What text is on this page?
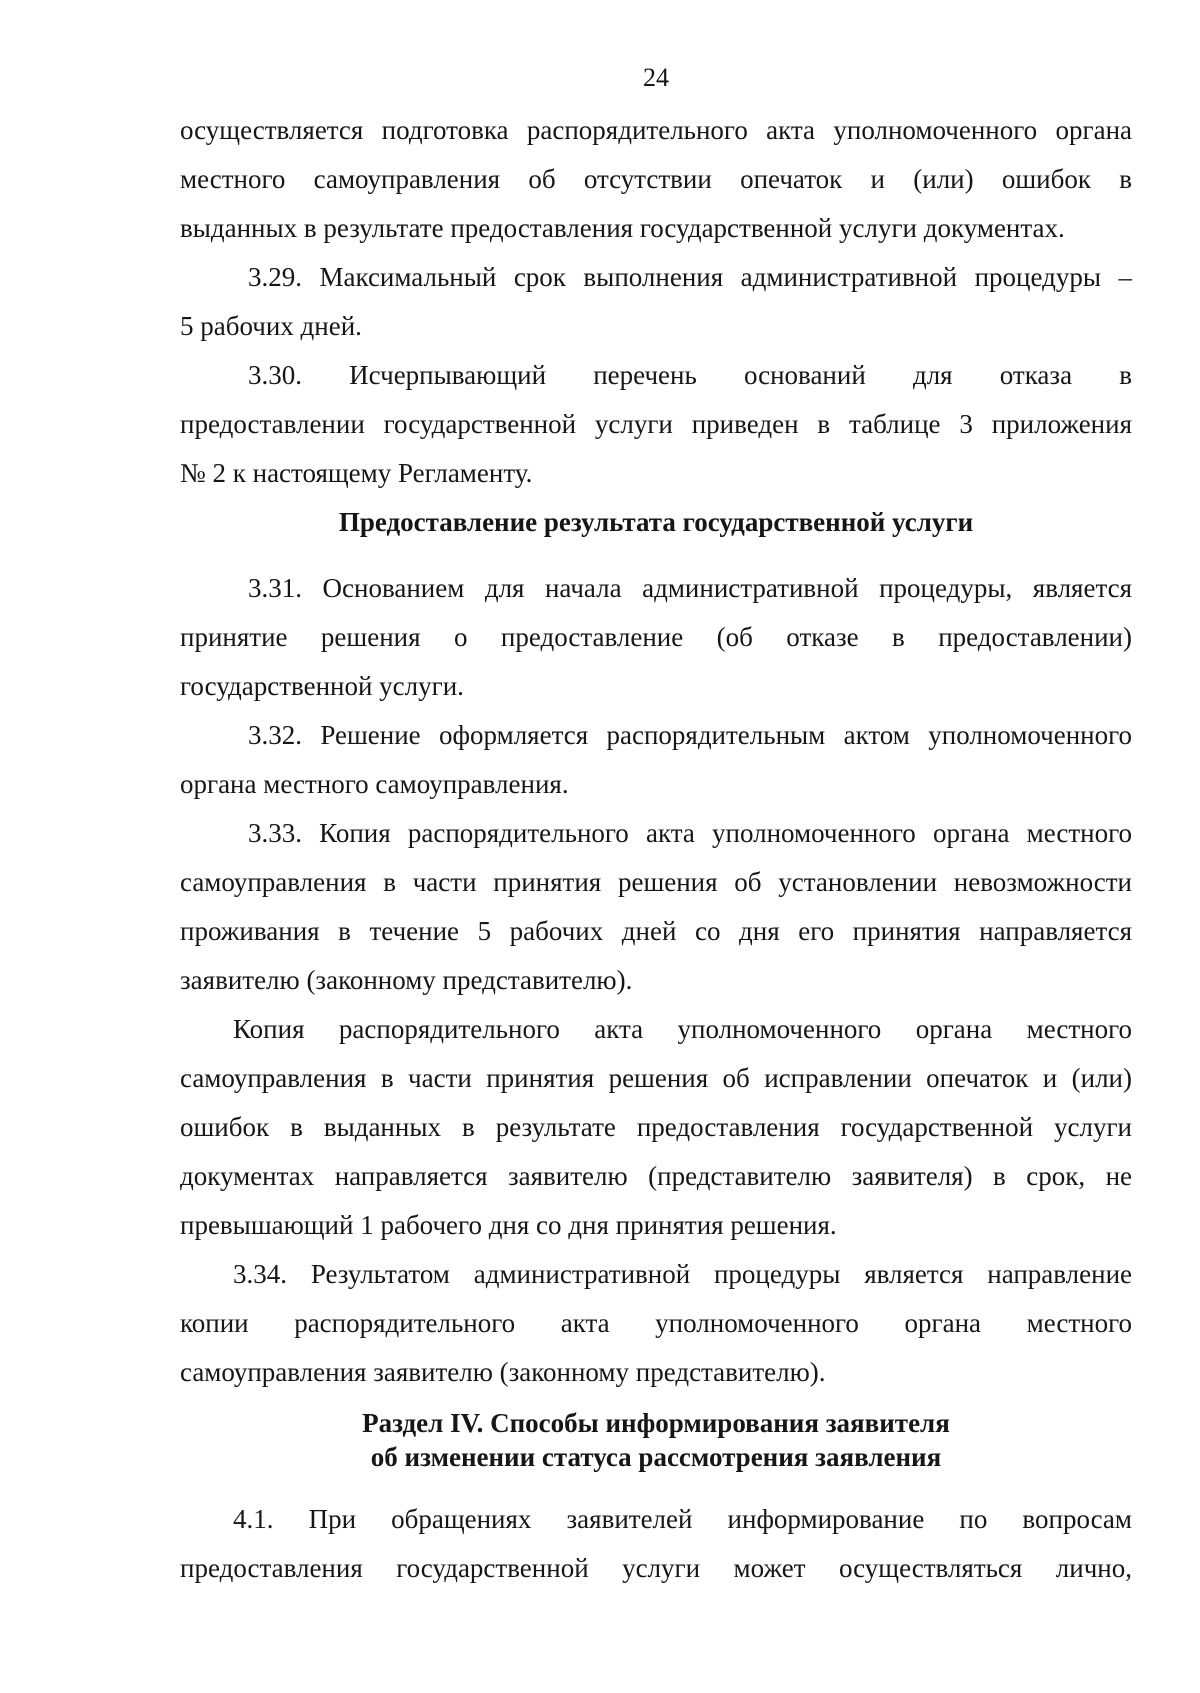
24
осуществляется подготовка распорядительного акта уполномоченного органа
местного самоуправления об отсутствии опечаток и (или) ошибок в
выданных в результате предоставления государственной услуги документах.
3.29. Максимальный срок выполнения административной процедуры –
5 рабочих дней.
3.30. Исчерпывающий перечень оснований для отказа в
предоставлении государственной услуги приведен в таблице 3 приложения
№ 2 к настоящему Регламенту.
Предоставление результата государственной услуги
3.31. Основанием для начала административной процедуры, является
принятие решения о предоставление (об отказе в предоставлении)
государственной услуги.
3.32. Решение оформляется распорядительным актом уполномоченного
органа местного самоуправления.
3.33. Копия распорядительного акта уполномоченного органа местного
самоуправления в части принятия решения об установлении невозможности
проживания в течение 5 рабочих дней со дня его принятия направляется
заявителю (законному представителю).
Копия распорядительного акта уполномоченного органа местного
самоуправления в части принятия решения об исправлении опечаток и (или)
ошибок в выданных в результате предоставления государственной услуги
документах направляется заявителю (представителю заявителя) в срок, не
превышающий 1 рабочего дня со дня принятия решения.
3.34. Результатом административной процедуры является направление
копии распорядительного акта уполномоченного органа местного
самоуправления заявителю (законному представителю).
Раздел IV. Способы информирования заявителя
об изменении статуса рассмотрения заявления
4.1. При обращениях заявителей информирование по вопросам
предоставления государственной услуги может осуществляться лично,
